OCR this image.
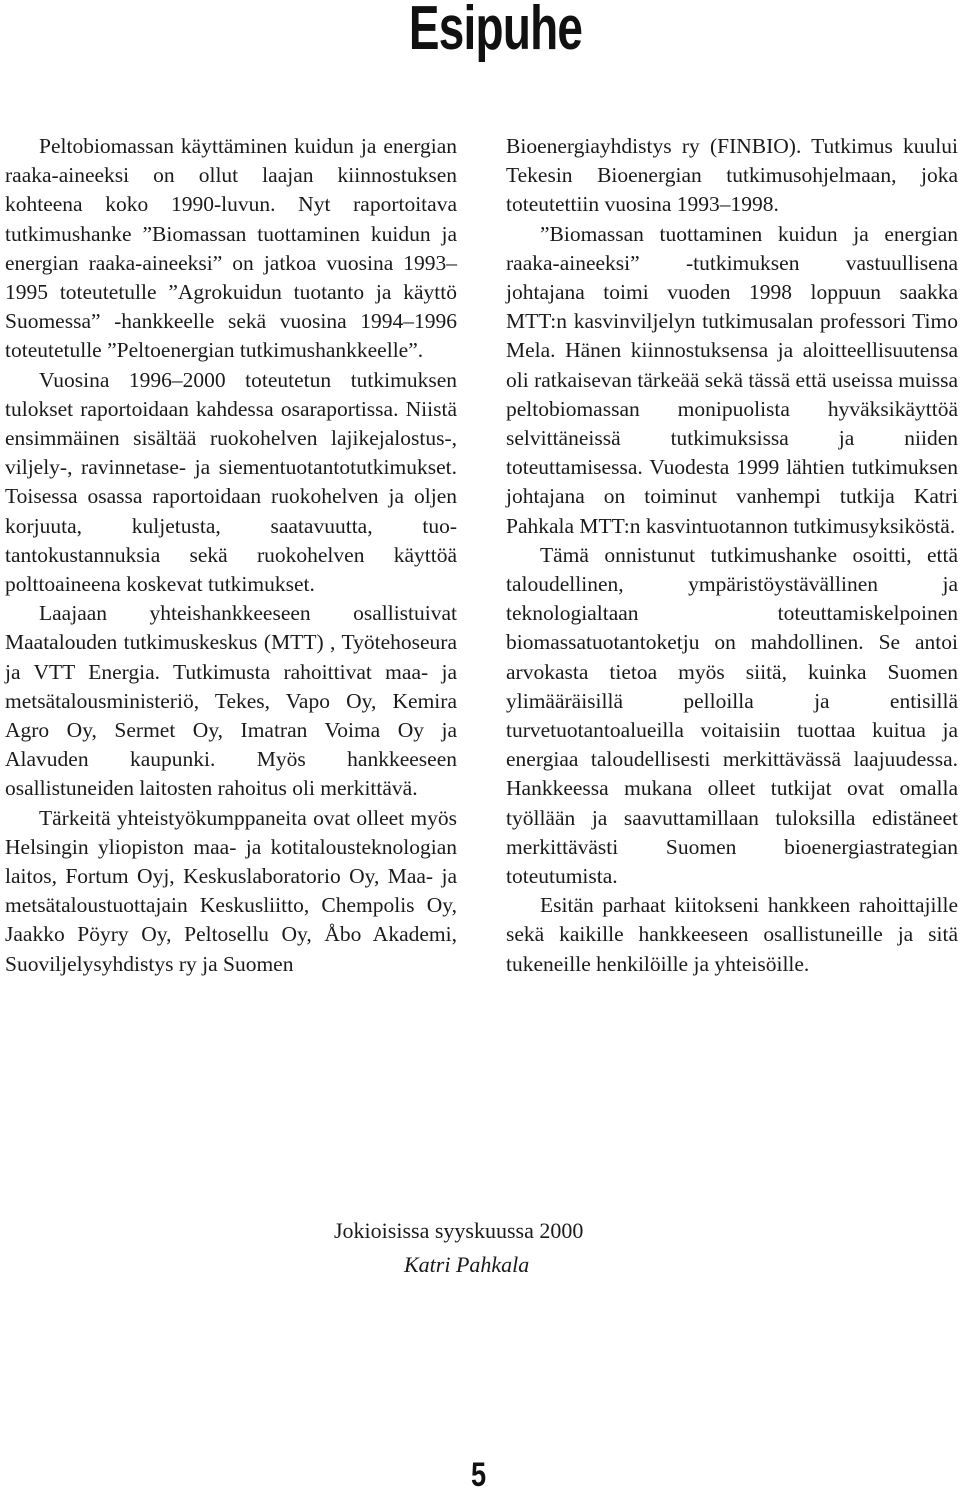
Esipuhe

Peltobiomassan käyttäminen kuidun ja energian raaka-aineeksi on ollut laajan kiinnostuksen kohteena koko 1990-luvun. Nyt raportoitava tutkimushanke ”Biomassan tuottaminen kuidun ja energian raaka-aineeksi” on jatkoa vuosina 1993–1995 toteutetulle ”Agrokuidun tuotanto ja käyttö Suomessa” -hankkeelle sekä vuosina 1994–1996 toteutetulle ”Peltoenergian tutkimushankkeelle”.

Vuosina 1996–2000 toteutetun tutkimuksen tulokset raportoidaan kahdessa osaraportissa. Niistä ensimmäinen sisältää ruokohelven lajikejalostus-, viljely-, ravinnetase- ja siementuotantotutkimukset. Toisessa osassa raportoidaan ruokohelven ja oljen korjuuta, kuljetusta, saatavuutta, tuotantokustannuksia sekä ruokohelven käyttöä polttoaineena koskevat tutkimukset.

Laajaan yhteishankkeeseen osallistuivat Maatalouden tutkimuskeskus (MTT) , Työtehoseura ja VTT Energia. Tutkimusta rahoittivat maa- ja metsätalousministeriö, Tekes, Vapo Oy, Kemira Agro Oy, Sermet Oy, Imatran Voima Oy ja Alavuden kaupunki. Myös hankkeeseen osallistuneiden laitosten rahoitus oli merkittävä.

Tärkeitä yhteistyökumppaneita ovat olleet myös Helsingin yliopiston maa- ja kotitalousteknologian laitos, Fortum Oyj, Keskuslaboratorio Oy, Maa- ja metsätaloustuottajain Keskusliitto, Chempolis Oy, Jaakko Pöyry Oy, Peltosellu Oy, Åbo Akademi, Suoviljelysyhdistys ry ja Suomen

Bioenergiayhdistys ry (FINBIO). Tutkimus kuului Tekesin Bioenergian tutkimusohjelmaan, joka toteutettiin vuosina 1993–1998.

”Biomassan tuottaminen kuidun ja energian raaka-aineeksi” -tutkimuksen vastuullisena johtajana toimi vuoden 1998 loppuun saakka MTT:n kasvinviljelyn tutkimusalan professori Timo Mela. Hänen kiinnostuksensa ja aloitteellisuutensa oli ratkaisevan tärkeää sekä tässä että useissa muissa peltobiomassan monipuolista hyväksikäyttöä selvittäneissä tutkimuksissa ja niiden toteuttamisessa. Vuodesta 1999 lähtien tutkimuksen johtajana on toiminut vanhempi tutkija Katri Pahkala MTT:n kasvintuotannon tutkimusyksiköstä.

Tämä onnistunut tutkimushanke osoitti, että taloudellinen, ympäristöystävällinen ja teknologialtaan toteuttamiskelpoinen biomassatuotantoketju on mahdollinen. Se antoi arvokasta tietoa myös siitä, kuinka Suomen ylimääräisillä pelloilla ja entisillä turvetuotantoalueilla voitaisiin tuottaa kuitua ja energiaa taloudellisesti merkittävässä laajuudessa. Hankkeessa mukana olleet tutkijat ovat omalla työllään ja saavuttamillaan tuloksilla edistäneet merkittävästi Suomen bioenergiastrategian toteutumista.

Esitän parhaat kiitokseni hankkeen rahoittajille sekä kaikille hankkeeseen osallistuneille ja sitä tukeneille henkilöille ja yhteisöille.

Jokioisissa syyskuussa 2000
Katri Pahkala
5
